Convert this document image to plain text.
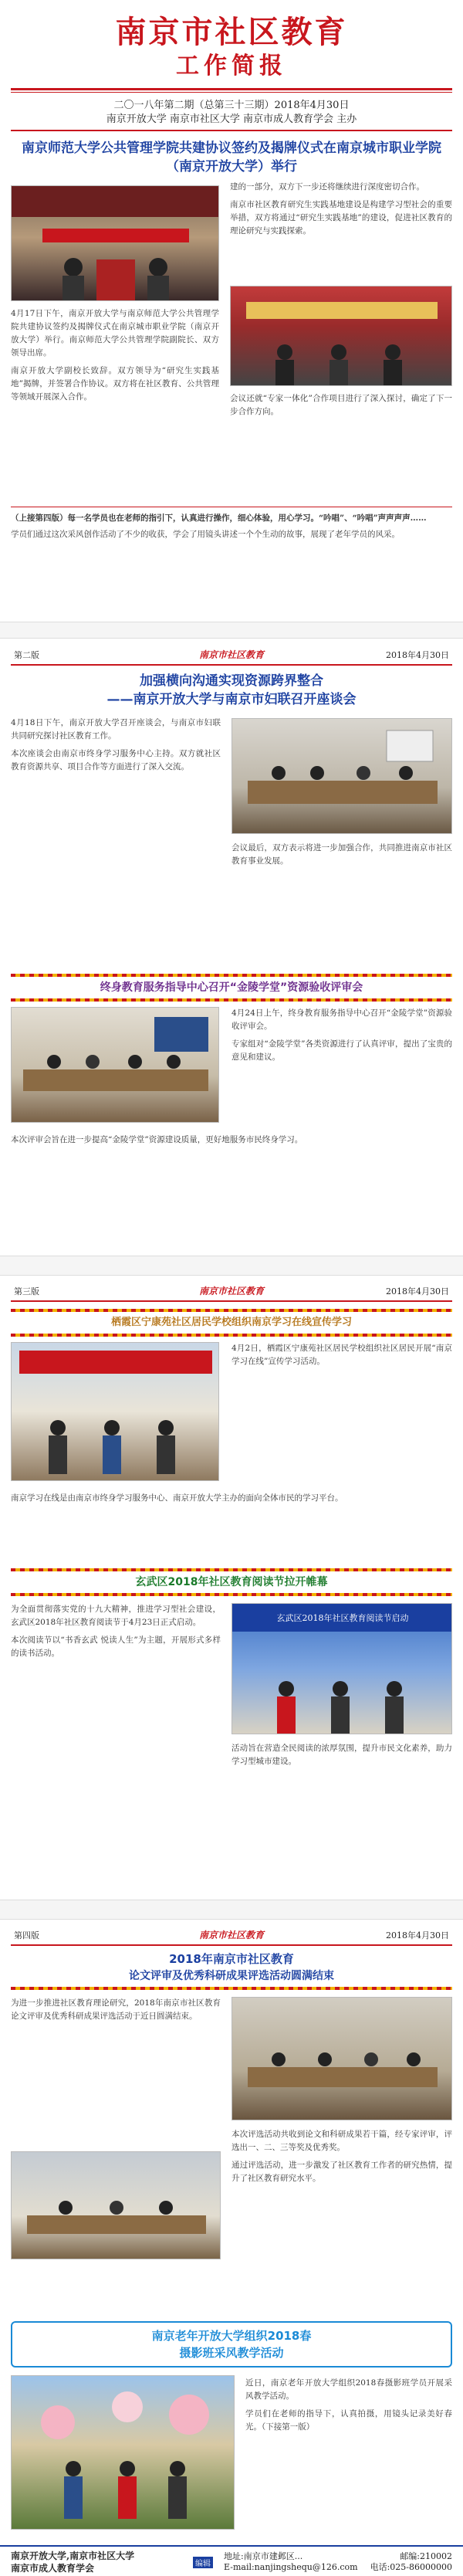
南京市社区教育
工作简报
二〇一八年第二期（总第三十三期）2018年4月30日
南京开放大学 南京市社区大学 南京市成人教育学会 主办
南京师范大学公共管理学院共建协议签约及揭牌仪式在南京城市职业学院（南京开放大学）举行

4月17日下午，南京开放大学与南京师范大学公共管理学院共建协议签约及揭牌仪式在南京城市职业学院（南京开放大学）举行。南京师范大学公共管理学院副院长、双方领导出席。

南京开放大学副校长致辞。双方领导为“研究生实践基地”揭牌，并签署合作协议。双方将在社区教育、公共管理等领域开展深入合作。

建的一部分，双方下一步还将继续进行深度密切合作。

南京市社区教育研究生实践基地建设是构建学习型社会的重要举措，双方将通过“研究生实践基地”的建设，促进社区教育的理论研究与实践探索。

会议还就“专家一体化”合作项目进行了深入探讨，确定了下一步合作方向。

（上接第四版）每一名学员也在老师的指引下，认真进行操作，细心体验，用心学习。“吟唱”、“吟唱”声声声声……

学员们通过这次采风创作活动了不少的收获，学会了用镜头讲述一个个生动的故事，展现了老年学员的风采。

第二版	南京市社区教育	2018年4月30日
加强横向沟通实现资源跨界整合
——南京开放大学与南京市妇联召开座谈会

4月18日下午，南京开放大学召开座谈会，与南京市妇联共同研究探讨社区教育工作。

本次座谈会由南京市终身学习服务中心主持。双方就社区教育资源共享、项目合作等方面进行了深入交流。

会议最后，双方表示将进一步加强合作，共同推进南京市社区教育事业发展。

终身教育服务指导中心召开“金陵学堂”资源验收评审会

4月24日上午，终身教育服务指导中心召开“金陵学堂”资源验收评审会。

专家组对“金陵学堂”各类资源进行了认真评审，提出了宝贵的意见和建议。

本次评审会旨在进一步提高“金陵学堂”资源建设质量，更好地服务市民终身学习。

第三版	南京市社区教育	2018年4月30日
栖霞区宁康苑社区居民学校组织南京学习在线宣传学习

4月2日，栖霞区宁康苑社区居民学校组织社区居民开展“南京学习在线”宣传学习活动。

南京学习在线是由南京市终身学习服务中心、南京开放大学主办的面向全体市民的学习平台。

玄武区2018年社区教育阅读节拉开帷幕

为全面贯彻落实党的十九大精神，推进学习型社会建设，玄武区2018年社区教育阅读节于4月23日正式启动。

本次阅读节以“书香玄武 悦读人生”为主题，开展形式多样的读书活动。

玄武区2018年社区教育阅读节启动

活动旨在营造全民阅读的浓厚氛围，提升市民文化素养，助力学习型城市建设。

第四版	南京市社区教育	2018年4月30日
2018年南京市社区教育
论文评审及优秀科研成果评选活动圆满结束

为进一步推进社区教育理论研究，2018年南京市社区教育论文评审及优秀科研成果评选活动于近日圆满结束。

本次评选活动共收到论文和科研成果若干篇，经专家评审，评选出一、二、三等奖及优秀奖。

通过评选活动，进一步激发了社区教育工作者的研究热情，提升了社区教育研究水平。

南京老年开放大学组织2018春
摄影班采风教学活动

近日，南京老年开放大学组织2018春摄影班学员开展采风教学活动。

学员们在老师的指导下，认真拍摄，用镜头记录美好春光。（下接第一版）

南京开放大学,南京市社区大学
南京市成人教育学会	编辑
地址:南京市建邺区...
E-mail:nanjingshequ@126.com
邮编:210002
电话:025-86000000
